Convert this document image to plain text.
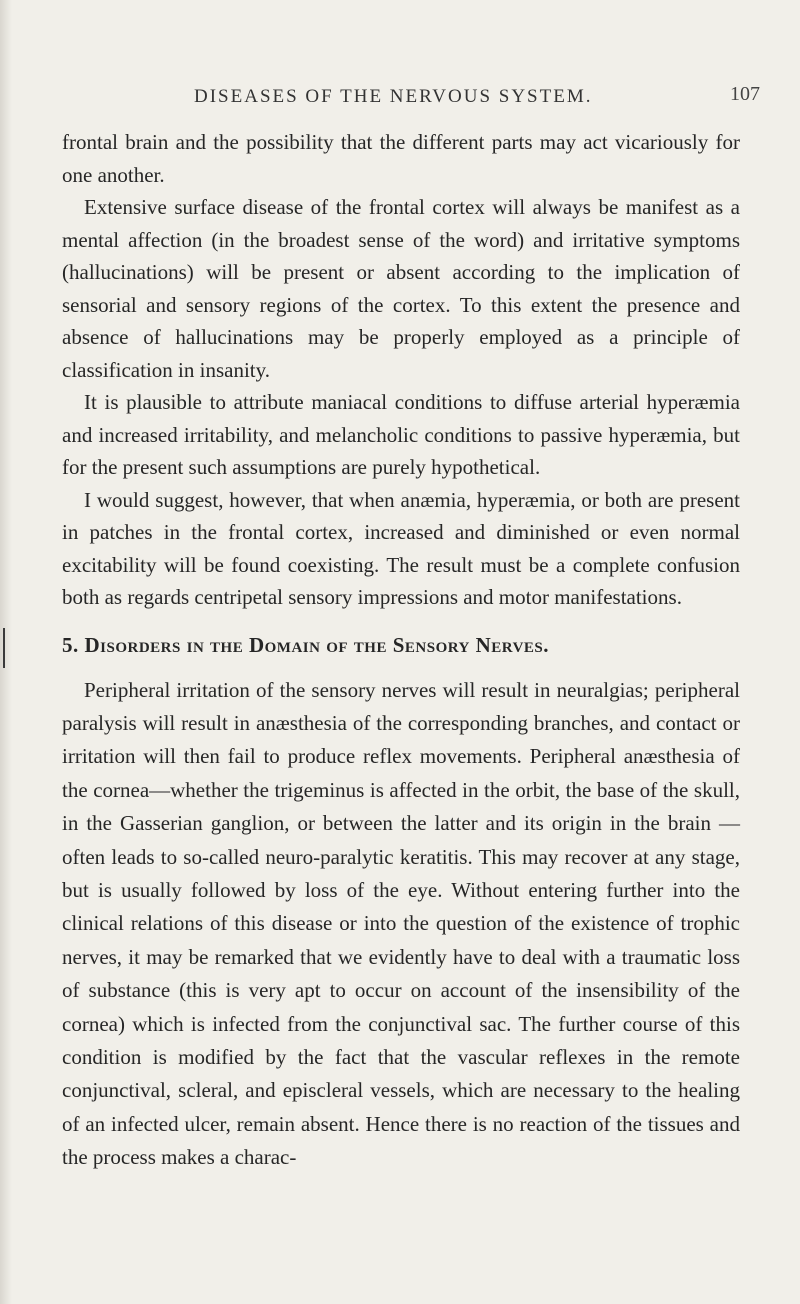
DISEASES OF THE NERVOUS SYSTEM.	107

frontal brain and the possibility that the different parts may act vicariously for one another.

Extensive surface disease of the frontal cortex will always be manifest as a mental affection (in the broadest sense of the word) and irritative symptoms (hallucinations) will be present or absent according to the implication of sensorial and sensory regions of the cortex. To this extent the presence and absence of hallucinations may be properly employed as a principle of classification in insanity.

It is plausible to attribute maniacal conditions to diffuse arterial hyperæmia and increased irritability, and melancholic conditions to passive hyperæmia, but for the present such assumptions are purely hypothetical.

I would suggest, however, that when anæmia, hyperæmia, or both are present in patches in the frontal cortex, increased and diminished or even normal excitability will be found coexisting. The result must be a complete confusion both as regards centripetal sensory impressions and motor manifestations.

5. Disorders in the Domain of the Sensory Nerves.

Peripheral irritation of the sensory nerves will result in neuralgias; peripheral paralysis will result in anæsthesia of the corresponding branches, and contact or irritation will then fail to produce reflex movements. Peripheral anæsthesia of the cornea—whether the trigeminus is affected in the orbit, the base of the skull, in the Gasserian ganglion, or between the latter and its origin in the brain —often leads to so-called neuro-paralytic keratitis. This may recover at any stage, but is usually followed by loss of the eye. Without entering further into the clinical relations of this disease or into the question of the existence of trophic nerves, it may be remarked that we evidently have to deal with a traumatic loss of substance (this is very apt to occur on account of the insensibility of the cornea) which is infected from the conjunctival sac. The further course of this condition is modified by the fact that the vascular reflexes in the remote conjunctival, scleral, and episcleral vessels, which are necessary to the healing of an infected ulcer, remain absent. Hence there is no reaction of the tissues and the process makes a charac-
